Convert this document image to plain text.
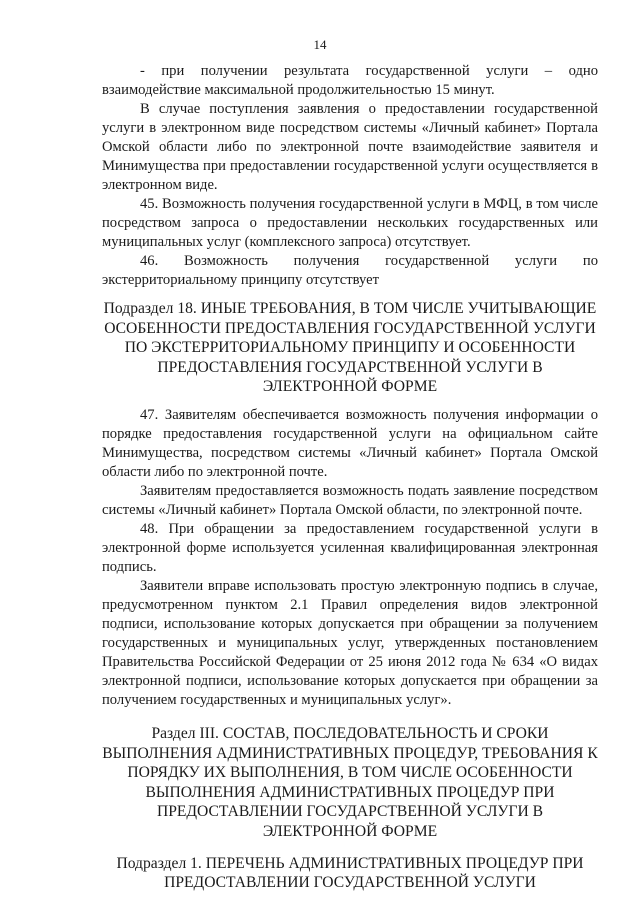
14

- при получении результата государственной услуги – одно взаимодействие максимальной продолжительностью 15 минут.

В случае поступления заявления о предоставлении государственной услуги в электронном виде посредством системы «Личный кабинет» Портала Омской области либо по электронной почте взаимодействие заявителя и Минимущества при предоставлении государственной услуги осуществляется в электронном виде.

45. Возможность получения государственной услуги в МФЦ, в том числе посредством запроса о предоставлении нескольких государственных или муниципальных услуг (комплексного запроса) отсутствует.

46. Возможность получения государственной услуги по экстерриториальному принципу отсутствует

Подраздел 18. ИНЫЕ ТРЕБОВАНИЯ, В ТОМ ЧИСЛЕ УЧИТЫВАЮЩИЕ ОСОБЕННОСТИ ПРЕДОСТАВЛЕНИЯ ГОСУДАРСТВЕННОЙ УСЛУГИ ПО ЭКСТЕРРИТОРИАЛЬНОМУ ПРИНЦИПУ И ОСОБЕННОСТИ ПРЕДОСТАВЛЕНИЯ ГОСУДАРСТВЕННОЙ УСЛУГИ В ЭЛЕКТРОННОЙ ФОРМЕ

47. Заявителям обеспечивается возможность получения информации о порядке предоставления государственной услуги на официальном сайте Минимущества, посредством системы «Личный кабинет» Портала Омской области либо по электронной почте.

Заявителям предоставляется возможность подать заявление посредством системы «Личный кабинет» Портала Омской области, по электронной почте.

48. При обращении за предоставлением государственной услуги в электронной форме используется усиленная квалифицированная электронная подпись.

Заявители вправе использовать простую электронную подпись в случае, предусмотренном пунктом 2.1 Правил определения видов электронной подписи, использование которых допускается при обращении за получением государственных и муниципальных услуг, утвержденных постановлением Правительства Российской Федерации от 25 июня 2012 года № 634 «О видах электронной подписи, использование которых допускается при обращении за получением государственных и муниципальных услуг».

Раздел III. СОСТАВ, ПОСЛЕДОВАТЕЛЬНОСТЬ И СРОКИ ВЫПОЛНЕНИЯ АДМИНИСТРАТИВНЫХ ПРОЦЕДУР, ТРЕБОВАНИЯ К ПОРЯДКУ ИХ ВЫПОЛНЕНИЯ, В ТОМ ЧИСЛЕ ОСОБЕННОСТИ ВЫПОЛНЕНИЯ АДМИНИСТРАТИВНЫХ ПРОЦЕДУР ПРИ ПРЕДОСТАВЛЕНИИ ГОСУДАРСТВЕННОЙ УСЛУГИ В ЭЛЕКТРОННОЙ ФОРМЕ
Подраздел 1. ПЕРЕЧЕНЬ АДМИНИСТРАТИВНЫХ ПРОЦЕДУР ПРИ ПРЕДОСТАВЛЕНИИ ГОСУДАРСТВЕННОЙ УСЛУГИ
